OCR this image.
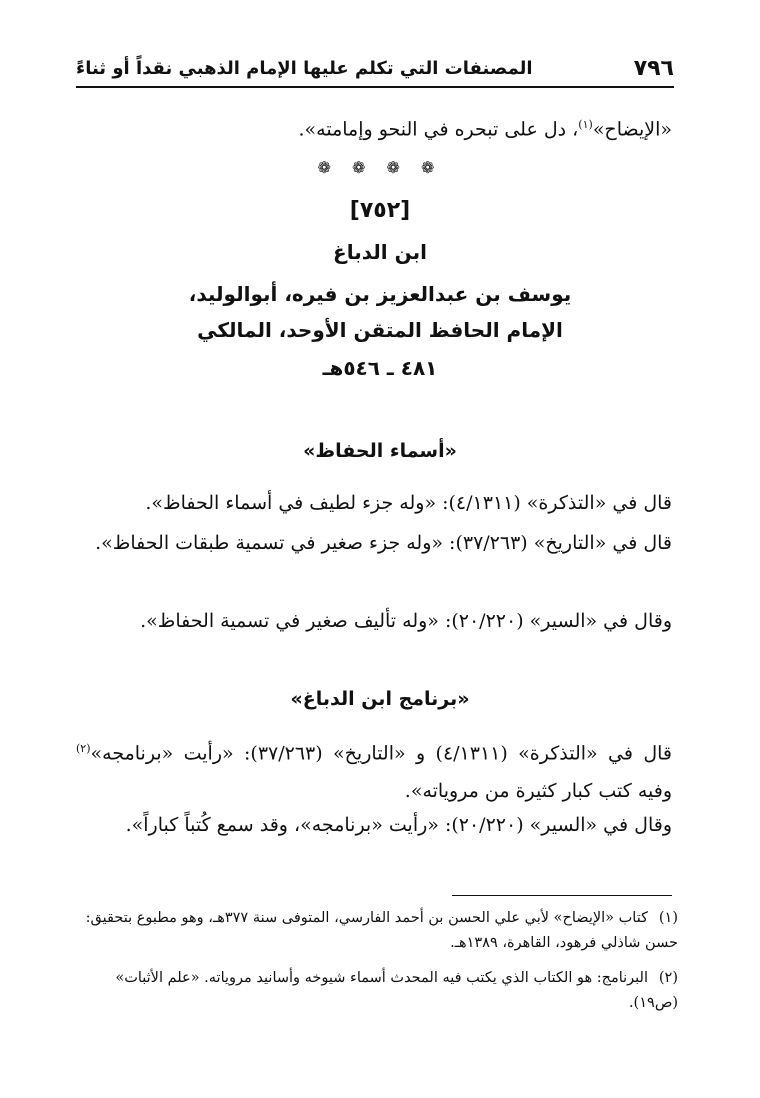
٧٩٦
المصنفات التي تكلم عليها الإمام الذهبي نقداً أو ثناءً
«الإيضاح»$^{(١)}$، دل على تبحره في النحو وإمامته».
❁ ❁ ❁ ❁
[٧٥٢]
ابن الدباغ
يوسف بن عبدالعزيز بن فيره، أبوالوليد،
الإمام الحافظ المتقن الأوحد، المالكي
٤٨١ ـ ٥٤٦هـ
«أسماء الحفاظ»
قال في «التذكرة» (٤/١٣١١): «وله جزء لطيف في أسماء الحفاظ».
قال في «التاريخ» (٣٧/٢٦٣): «وله جزء صغير في تسمية طبقات الحفاظ».
وقال في «السير» (٢٠/٢٢٠): «وله تأليف صغير في تسمية الحفاظ».
«برنامج ابن الدباغ»
قال في «التذكرة» (٤/١٣١١) و «التاريخ» (٣٧/٢٦٣): «رأيت «برنامجه»$^{(٢)}$ وفيه كتب كبار كثيرة من مروياته».
وقال في «السير» (٢٠/٢٢٠): «رأيت «برنامجه»، وقد سمع كُتباً كباراً».
(١)كتاب «الإيضاح» لأبي علي الحسن بن أحمد الفارسي، المتوفى سنة ٣٧٧هـ، وهو مطبوع بتحقيق: حسن شاذلي فرهود، القاهرة، ١٣٨٩هـ.
(٢)البرنامج: هو الكتاب الذي يكتب فيه المحدث أسماء شيوخه وأسانيد مروياته. «علم الأثبات» (ص١٩).
